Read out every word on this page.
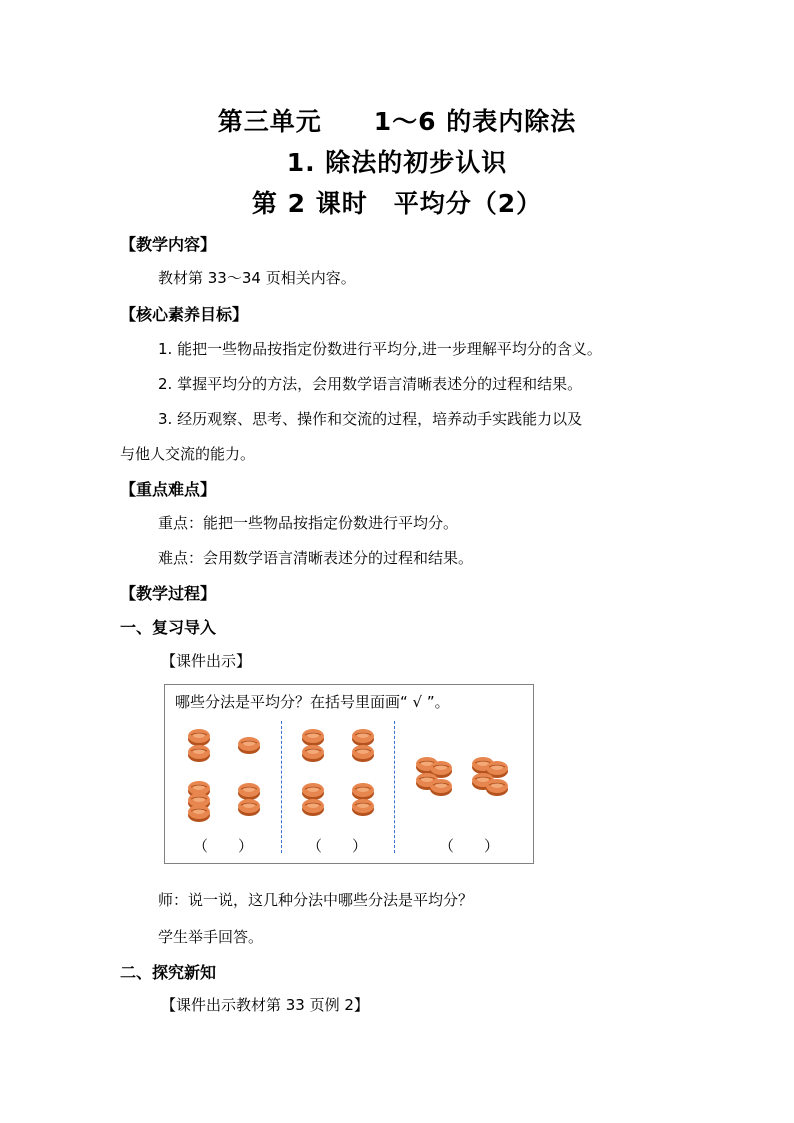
第三单元　　1～6 的表内除法
1. 除法的初步认识
第 2 课时　平均分（2）
【教学内容】
教材第 33～34 页相关内容。
【核心素养目标】
1. 能把一些物品按指定份数进行平均分,进一步理解平均分的含义。
2. 掌握平均分的方法，会用数学语言清晰表述分的过程和结果。
3. 经历观察、思考、操作和交流的过程，培养动手实践能力以及
与他人交流的能力。
【重点难点】
重点：能把一些物品按指定份数进行平均分。
难点：会用数学语言清晰表述分的过程和结果。
【教学过程】
一、复习导入
【课件出示】
哪些分法是平均分？在括号里面画“ √ ”。
（　　）	（　　）	（　　）
师：说一说，这几种分法中哪些分法是平均分？
学生举手回答。
二、探究新知
【课件出示教材第 33 页例 2】
